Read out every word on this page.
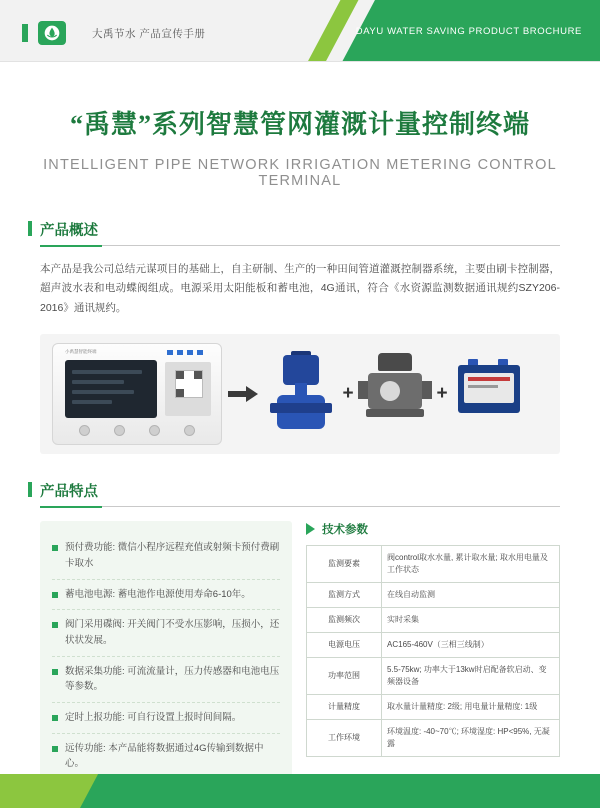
大禹节水 产品宣传手册	DAYU WATER SAVING PRODUCT BROCHURE
“禹慧”系列智慧管网灌溉计量控制终端
INTELLIGENT PIPE NETWORK IRRIGATION METERING CONTROL TERMINAL
产品概述
本产品是我公司总结元谋项目的基础上，自主研制、生产的一种田间管道灌溉控制器系统，主要由刷卡控制器，超声波水表和电动蝶阀组成。电源采用太阳能板和蓄电池，4G通讯，符合《水资源监测数据通讯规约SZY206-2016》通讯规约。
小禹慧智能终端
+	+
产品特点
预付费功能: 微信小程序远程充值或射频卡预付费刷卡取水
蓄电池电源: 蓄电池作电源使用寿命6-10年。
阀门采用碟阀: 开关阀门不受水压影响，压损小，还状状发展。
数据采集功能: 可流流量计，压力传感器和电池电压等参数。
定时上报功能: 可自行设置上报时间间隔。
远传功能: 本产品能将数据通过4G传输到数据中心。
技术参数
监测要素	阀control取水水量, 累计取水量; 取水用电量及工作状态
监测方式	在线自动监测
监测频次	实时采集
电源电压	AC165-460V（三相三线制）
功率范围	5.5-75kw; 功率大于13kw时启配备软启动、变频器设备
计量精度	取水量计量精度: 2级; 用电量计量精度: 1级
工作环境	环境温度: -40~70℃; 环境湿度: HP<95%, 无凝露
